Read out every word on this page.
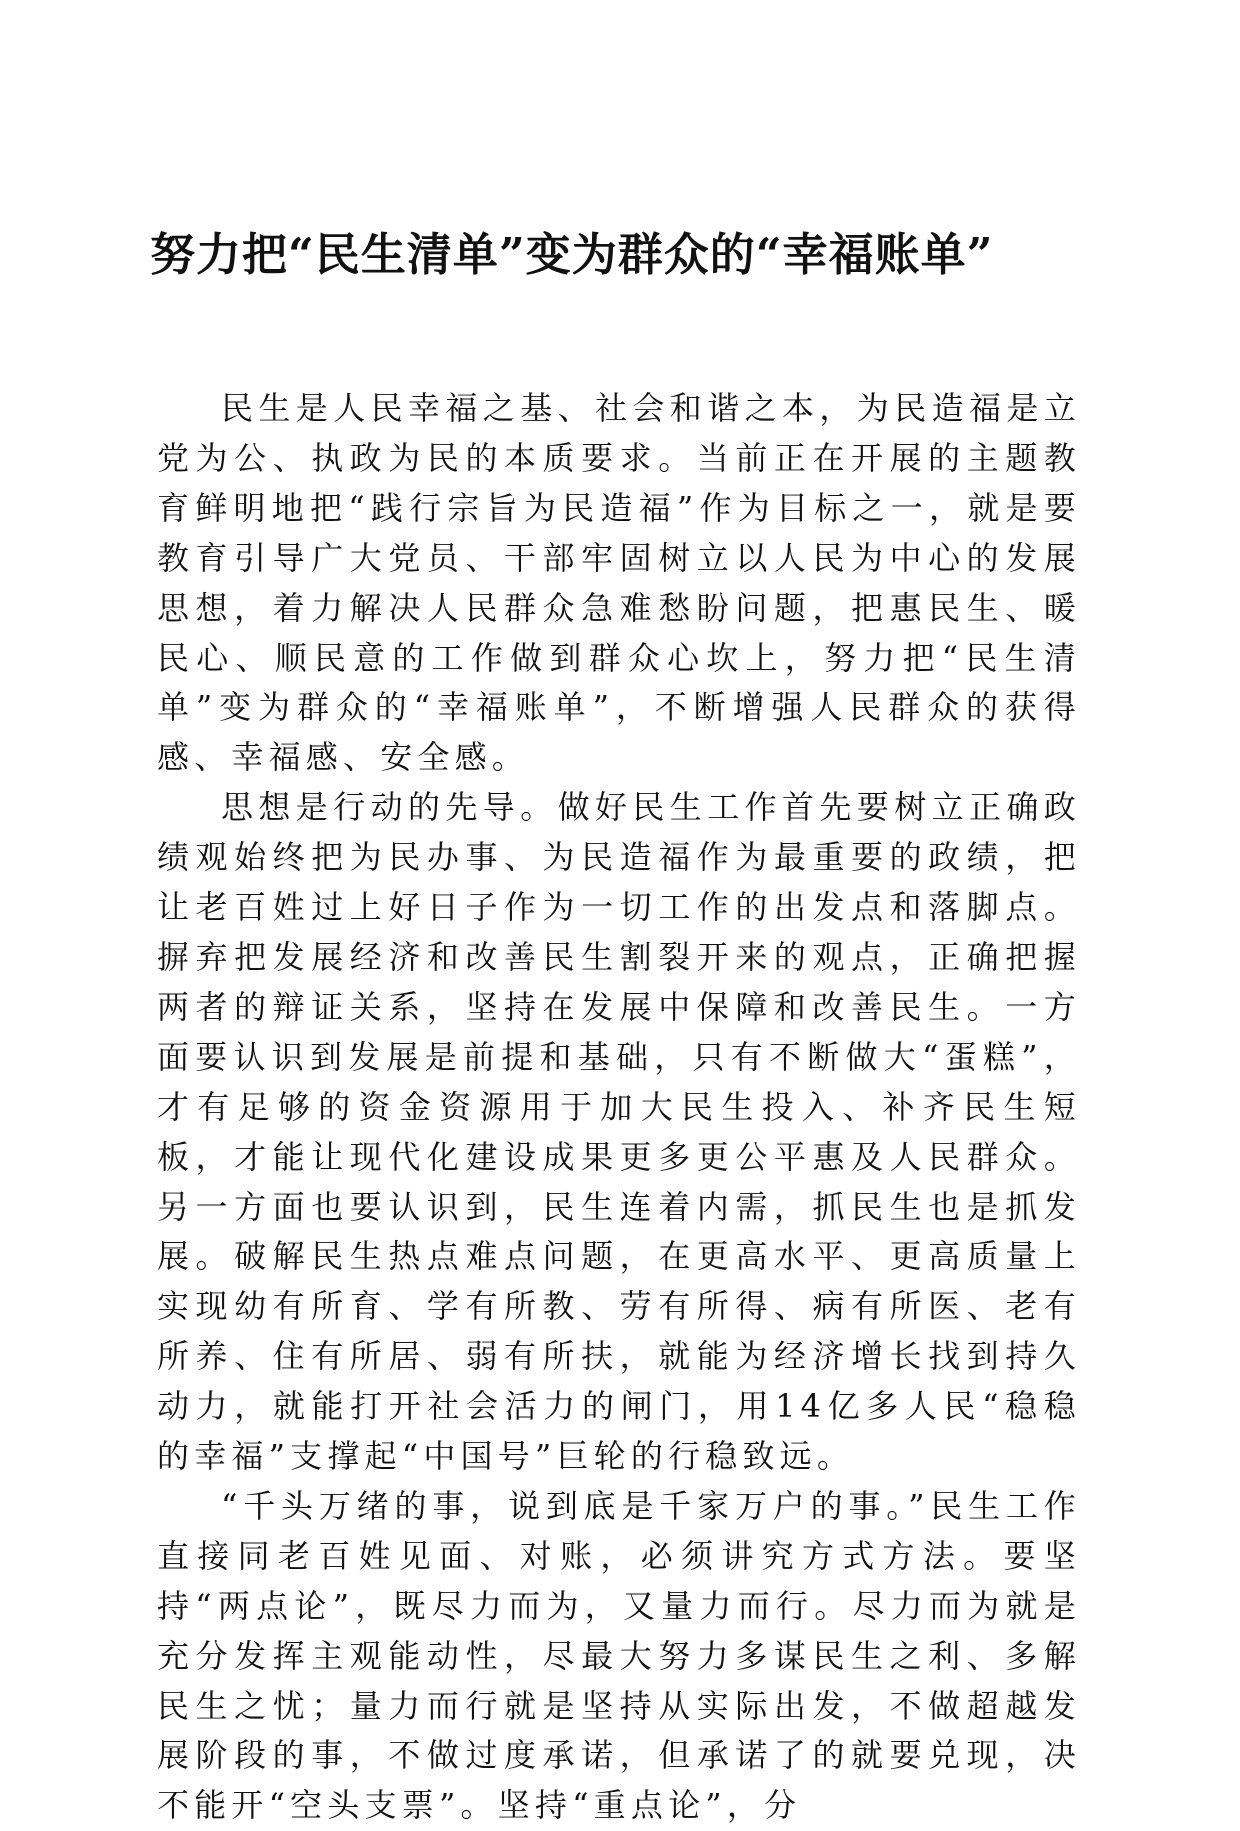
努力把“民生清单”变为群众的“幸福账单”

民生是人民幸福之基、社会和谐之本，为民造福是立党为公、执政为民的本质要求。当前正在开展的主题教育鲜明地把“践行宗旨为民造福”作为目标之一，就是要教育引导广大党员、干部牢固树立以人民为中心的发展思想，着力解决人民群众急难愁盼问题，把惠民生、暖民心、顺民意的工作做到群众心坎上，努力把“民生清单”变为群众的“幸福账单”，不断增强人民群众的获得感、幸福感、安全感。

思想是行动的先导。做好民生工作首先要树立正确政绩观始终把为民办事、为民造福作为最重要的政绩，把让老百姓过上好日子作为一切工作的出发点和落脚点。摒弃把发展经济和改善民生割裂开来的观点，正确把握两者的辩证关系，坚持在发展中保障和改善民生。一方面要认识到发展是前提和基础，只有不断做大“蛋糕”，才有足够的资金资源用于加大民生投入、补齐民生短板，才能让现代化建设成果更多更公平惠及人民群众。另一方面也要认识到，民生连着内需，抓民生也是抓发展。破解民生热点难点问题，在更高水平、更高质量上实现幼有所育、学有所教、劳有所得、病有所医、老有所养、住有所居、弱有所扶，就能为经济增长找到持久动力，就能打开社会活力的闸门，用14亿多人民“稳稳的幸福”支撑起“中国号”巨轮的行稳致远。

“千头万绪的事，说到底是千家万户的事。”民生工作直接同老百姓见面、对账，必须讲究方式方法。要坚持“两点论”，既尽力而为，又量力而行。尽力而为就是充分发挥主观能动性，尽最大努力多谋民生之利、多解民生之忧；量力而行就是坚持从实际出发，不做超越发展阶段的事，不做过度承诺，但承诺了的就要兑现，决不能开“空头支票”。坚持“重点论”，分
